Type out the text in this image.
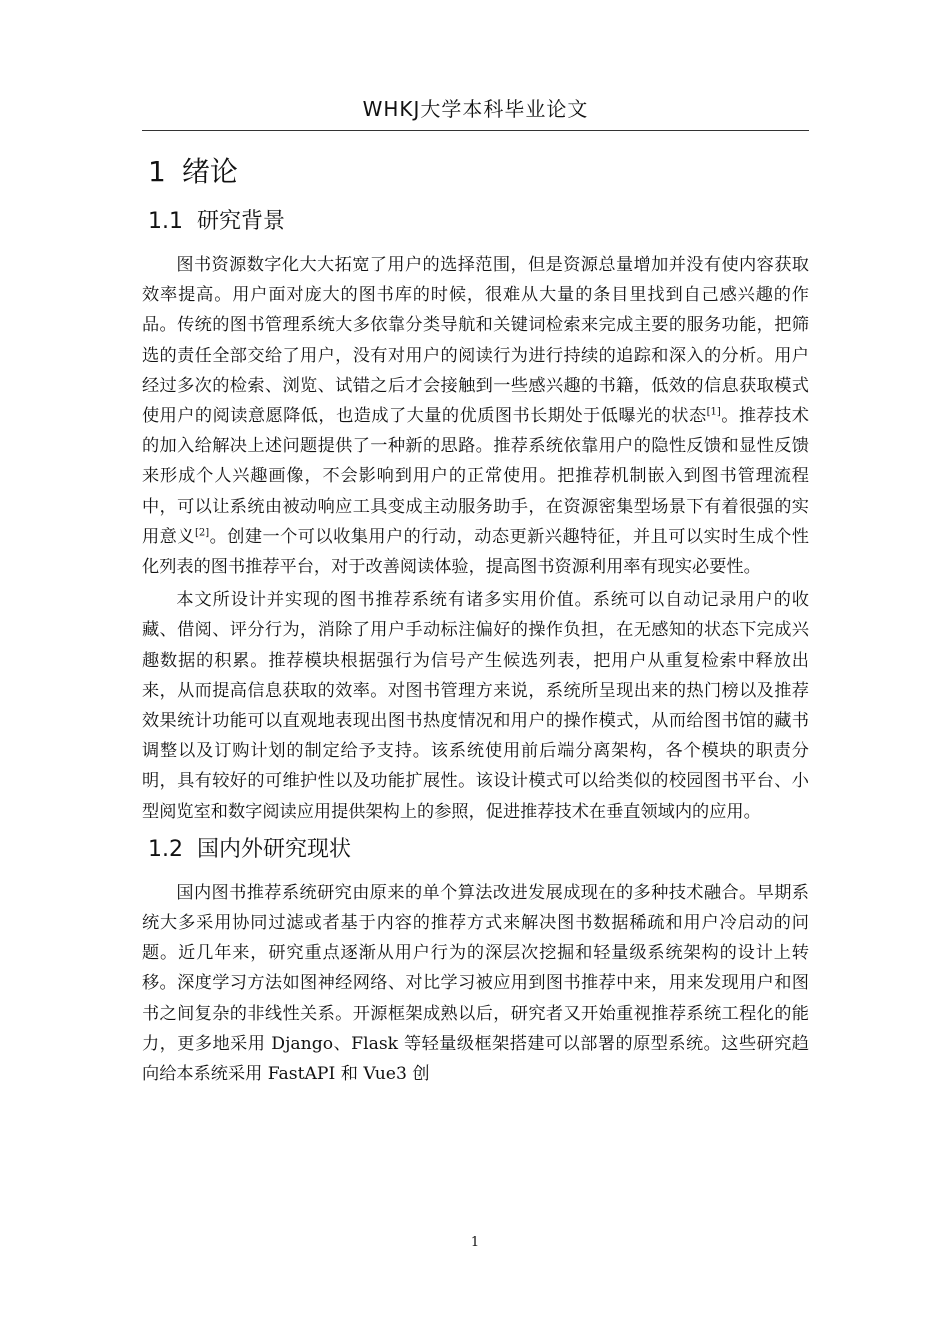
WHKJ大学本科毕业论文
1 绪论
1.1 研究背景

图书资源数字化大大拓宽了用户的选择范围，但是资源总量增加并没有使内容获取效率提高。用户面对庞大的图书库的时候，很难从大量的条目里找到自己感兴趣的作品。传统的图书管理系统大多依靠分类导航和关键词检索来完成主要的服务功能，把筛选的责任全部交给了用户，没有对用户的阅读行为进行持续的追踪和深入的分析。用户经过多次的检索、浏览、试错之后才会接触到一些感兴趣的书籍，低效的信息获取模式使用户的阅读意愿降低，也造成了大量的优质图书长期处于低曝光的状态[1]。推荐技术的加入给解决上述问题提供了一种新的思路。推荐系统依靠用户的隐性反馈和显性反馈来形成个人兴趣画像，不会影响到用户的正常使用。把推荐机制嵌入到图书管理流程中，可以让系统由被动响应工具变成主动服务助手，在资源密集型场景下有着很强的实用意义[2]。创建一个可以收集用户的行动，动态更新兴趣特征，并且可以实时生成个性化列表的图书推荐平台，对于改善阅读体验，提高图书资源利用率有现实必要性。

本文所设计并实现的图书推荐系统有诸多实用价值。系统可以自动记录用户的收藏、借阅、评分行为，消除了用户手动标注偏好的操作负担，在无感知的状态下完成兴趣数据的积累。推荐模块根据强行为信号产生候选列表，把用户从重复检索中释放出来，从而提高信息获取的效率。对图书管理方来说，系统所呈现出来的热门榜以及推荐效果统计功能可以直观地表现出图书热度情况和用户的操作模式，从而给图书馆的藏书调整以及订购计划的制定给予支持。该系统使用前后端分离架构，各个模块的职责分明，具有较好的可维护性以及功能扩展性。该设计模式可以给类似的校园图书平台、小型阅览室和数字阅读应用提供架构上的参照，促进推荐技术在垂直领域内的应用。

1.2 国内外研究现状

国内图书推荐系统研究由原来的单个算法改进发展成现在的多种技术融合。早期系统大多采用协同过滤或者基于内容的推荐方式来解决图书数据稀疏和用户冷启动的问题。近几年来，研究重点逐渐从用户行为的深层次挖掘和轻量级系统架构的设计上转移。深度学习方法如图神经网络、对比学习被应用到图书推荐中来，用来发现用户和图书之间复杂的非线性关系。开源框架成熟以后，研究者又开始重视推荐系统工程化的能力，更多地采用 Django、Flask 等轻量级框架搭建可以部署的原型系统。这些研究趋向给本系统采用 FastAPI 和 Vue3 创

1
